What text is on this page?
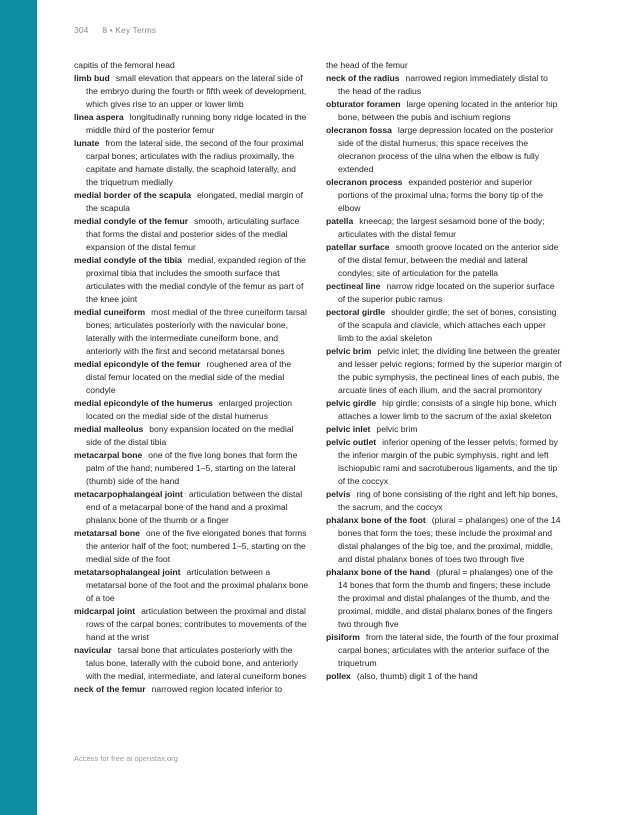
304 8 • Key Terms

capitis of the femoral head

limb bud small elevation that appears on the lateral side of the embryo during the fourth or fifth week of development, which gives rise to an upper or lower limb

linea aspera longitudinally running bony ridge located in the middle third of the posterior femur

lunate from the lateral side, the second of the four proximal carpal bones; articulates with the radius proximally, the capitate and hamate distally, the scaphoid laterally, and the triquetrum medially

medial border of the scapula elongated, medial margin of the scapula

medial condyle of the femur smooth, articulating surface that forms the distal and posterior sides of the medial expansion of the distal femur

medial condyle of the tibia medial, expanded region of the proximal tibia that includes the smooth surface that articulates with the medial condyle of the femur as part of the knee joint

medial cuneiform most medial of the three cuneiform tarsal bones; articulates posteriorly with the navicular bone, laterally with the intermediate cuneiform bone, and anteriorly with the first and second metatarsal bones

medial epicondyle of the femur roughened area of the distal femur located on the medial side of the medial condyle

medial epicondyle of the humerus enlarged projection located on the medial side of the distal humerus

medial malleolus bony expansion located on the medial side of the distal tibia

metacarpal bone one of the five long bones that form the palm of the hand; numbered 1–5, starting on the lateral (thumb) side of the hand

metacarpophalangeal joint articulation between the distal end of a metacarpal bone of the hand and a proximal phalanx bone of the thumb or a finger

metatarsal bone one of the five elongated bones that forms the anterior half of the foot; numbered 1–5, starting on the medial side of the foot

metatarsophalangeal joint articulation between a metatarsal bone of the foot and the proximal phalanx bone of a toe

midcarpal joint articulation between the proximal and distal rows of the carpal bones; contributes to movements of the hand at the wrist

navicular tarsal bone that articulates posteriorly with the talus bone, laterally with the cuboid bone, and anteriorly with the medial, intermediate, and lateral cuneiform bones

neck of the femur narrowed region located inferior to

the head of the femur

neck of the radius narrowed region immediately distal to the head of the radius

obturator foramen large opening located in the anterior hip bone, between the pubis and ischium regions

olecranon fossa large depression located on the posterior side of the distal humerus; this space receives the olecranon process of the ulna when the elbow is fully extended

olecranon process expanded posterior and superior portions of the proximal ulna; forms the bony tip of the elbow

patella kneecap; the largest sesamoid bone of the body; articulates with the distal femur

patellar surface smooth groove located on the anterior side of the distal femur, between the medial and lateral condyles; site of articulation for the patella

pectineal line narrow ridge located on the superior surface of the superior pubic ramus

pectoral girdle shoulder girdle; the set of bones, consisting of the scapula and clavicle, which attaches each upper limb to the axial skeleton

pelvic brim pelvic inlet; the dividing line between the greater and lesser pelvic regions; formed by the superior margin of the pubic symphysis, the pectineal lines of each pubis, the arcuate lines of each ilium, and the sacral promontory

pelvic girdle hip girdle; consists of a single hip bone, which attaches a lower limb to the sacrum of the axial skeleton

pelvic inlet pelvic brim

pelvic outlet inferior opening of the lesser pelvis; formed by the inferior margin of the pubic symphysis, right and left ischiopubic rami and sacrotuberous ligaments, and the tip of the coccyx

pelvis ring of bone consisting of the right and left hip bones, the sacrum, and the coccyx

phalanx bone of the foot (plural = phalanges) one of the 14 bones that form the toes; these include the proximal and distal phalanges of the big toe, and the proximal, middle, and distal phalanx bones of toes two through five

phalanx bone of the hand (plural = phalanges) one of the 14 bones that form the thumb and fingers; these include the proximal and distal phalanges of the thumb, and the proximal, middle, and distal phalanx bones of the fingers two through five

pisiform from the lateral side, the fourth of the four proximal carpal bones; articulates with the anterior surface of the triquetrum

pollex (also, thumb) digit 1 of the hand

Access for free at openstax.org
